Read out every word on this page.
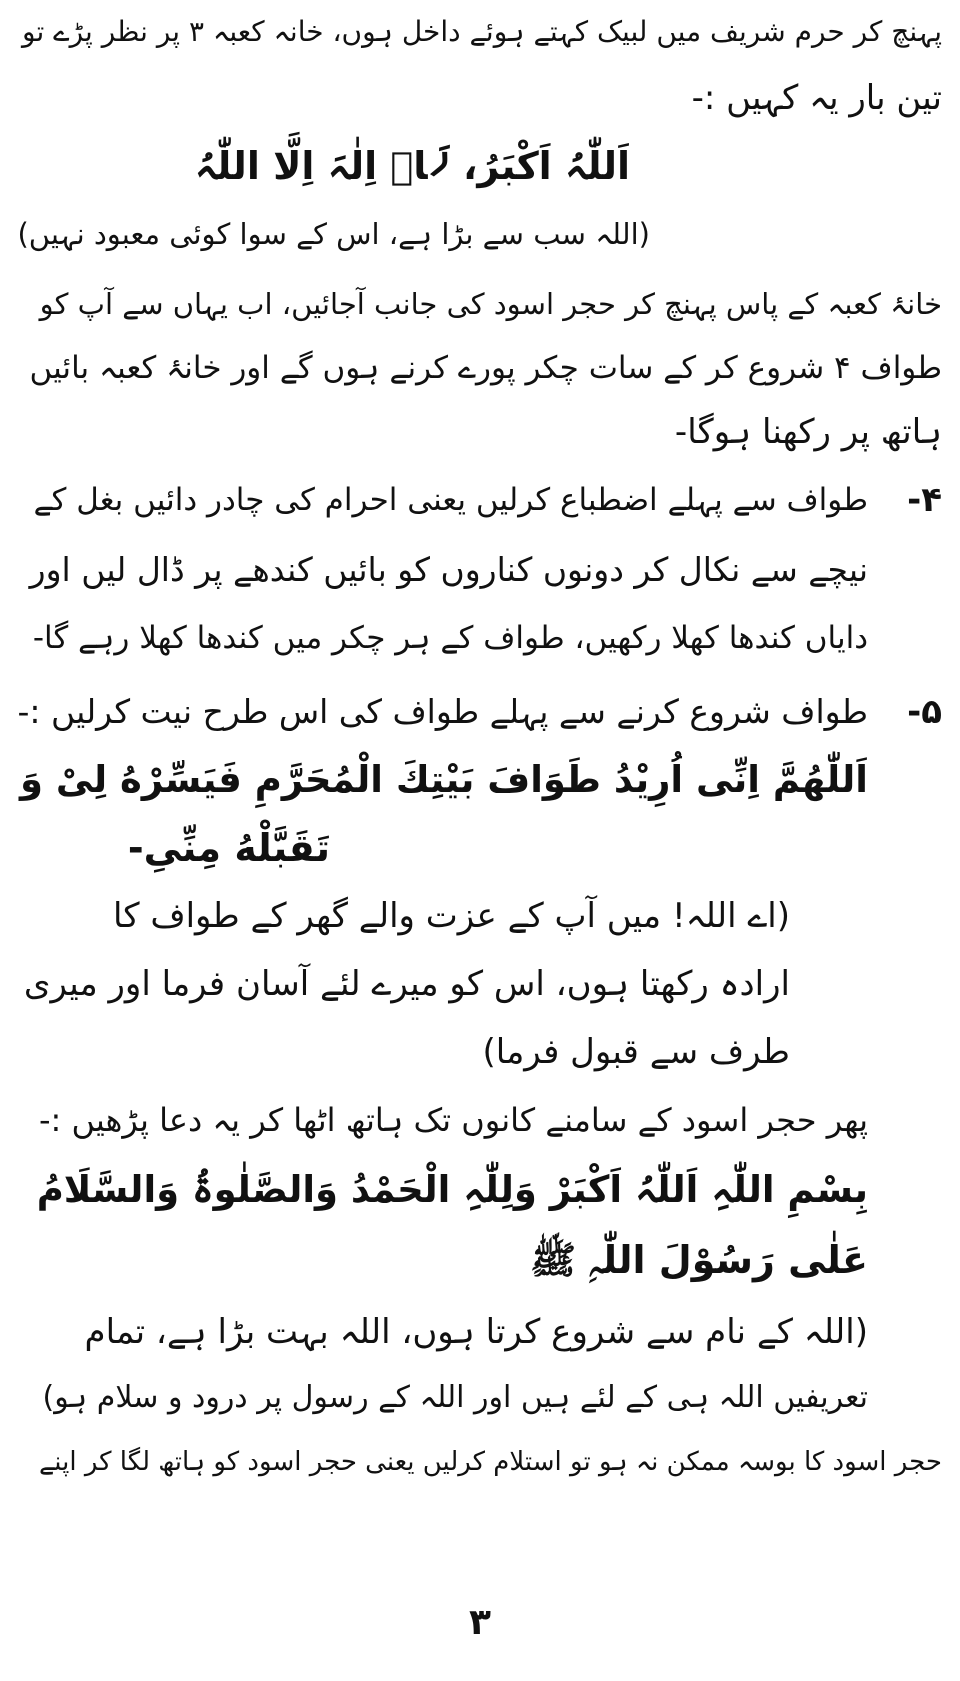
پہنچ کر حرم شریف میں لبیک کہتے ہوئے داخل ہوں، خانہ کعبہ ۳ پر نظر پڑے تو
تین بار یہ کہیں :-
اَللّٰہُ اَکْبَرُ، لَاۤ اِلٰہَ اِلَّا اللّٰہُ
(اللہ سب سے بڑا ہے، اس کے سوا کوئی معبود نہیں)
خانۂ کعبہ کے پاس پہنچ کر حجر اسود کی جانب آجائیں، اب یہاں سے آپ کو
طواف ۴ شروع کر کے سات چکر پورے کرنے ہوں گے اور خانۂ کعبہ بائیں
ہاتھ پر رکھنا ہوگا-
۴-
طواف سے پہلے اضطباع کرلیں یعنی احرام کی چادر دائیں بغل کے
نیچے سے نکال کر دونوں کناروں کو بائیں کندھے پر ڈال لیں اور
دایاں کندھا کھلا رکھیں، طواف کے ہر چکر میں کندھا کھلا رہے گا-
۵-
طواف شروع کرنے سے پہلے طواف کی اس طرح نیت کرلیں :-
اَللّٰھُمَّ اِنِّی اُرِیْدُ طَوَافَ بَیْتِكَ الْمُحَرَّمِ فَیَسِّرْهُ لِیْ وَ
تَقَبَّلْهُ مِنِّیِ-
(اے اللہ! میں آپ کے عزت والے گھر کے طواف کا
ارادہ رکھتا ہوں، اس کو میرے لئے آسان فرما اور میری
طرف سے قبول فرما)
پھر حجر اسود کے سامنے کانوں تک ہاتھ اٹھا کر یہ دعا پڑھیں :-
بِسْمِ اللّٰہِ اَللّٰہُ اَکْبَرْ وَلِلّٰہِ الْحَمْدُ وَالصَّلٰوۃُ وَالسَّلَامُ
عَلٰی رَسُوْلَ اللّٰہِ ﷺ
(اللہ کے نام سے شروع کرتا ہوں، اللہ بہت بڑا ہے، تمام
تعریفیں اللہ ہی کے لئے ہیں اور اللہ کے رسول پر درود و سلام ہو)
حجر اسود کا بوسہ ممکن نہ ہو تو استلام کرلیں یعنی حجر اسود کو ہاتھ لگا کر اپنے
۳
